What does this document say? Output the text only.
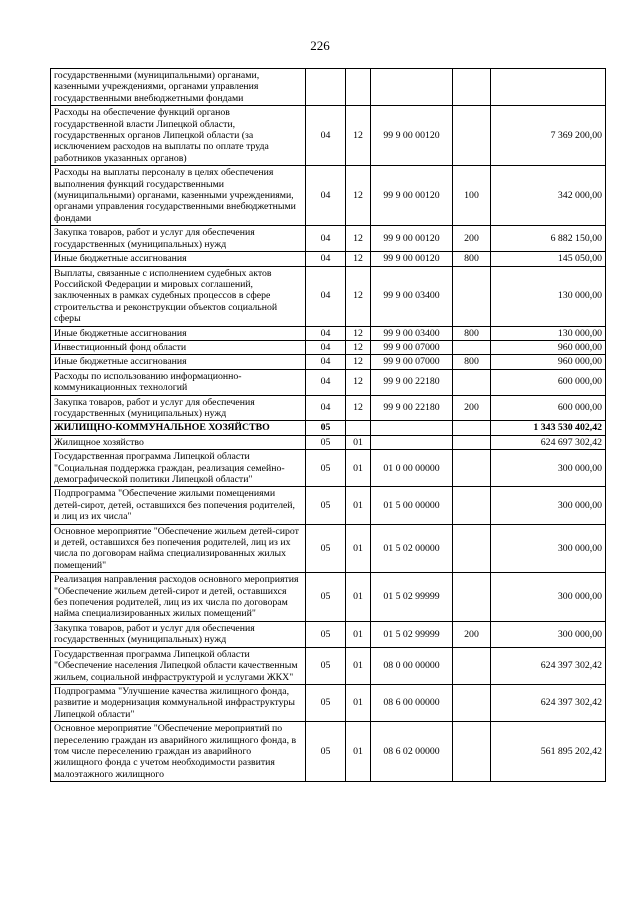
226
государственными (муниципальными) органами, казенными учреждениями, органами управления государственными внебюджетными фондами					
Расходы на обеспечение функций органов государственной власти Липецкой области, государственных органов Липецкой области (за исключением расходов на выплаты по оплате труда работников указанных органов)	04	12	99 9 00 00120		7 369 200,00
Расходы на выплаты персоналу в целях обеспечения выполнения функций государственными (муниципальными) органами, казенными учреждениями, органами управления государственными внебюджетными фондами	04	12	99 9 00 00120	100	342 000,00
Закупка товаров, работ и услуг для обеспечения государственных (муниципальных) нужд	04	12	99 9 00 00120	200	6 882 150,00
Иные бюджетные ассигнования	04	12	99 9 00 00120	800	145 050,00
Выплаты, связанные с исполнением судебных актов Российской Федерации и мировых соглашений, заключенных в рамках судебных процессов в сфере строительства и реконструкции объектов социальной сферы	04	12	99 9 00 03400		130 000,00
Иные бюджетные ассигнования	04	12	99 9 00 03400	800	130 000,00
Инвестиционный фонд области	04	12	99 9 00 07000		960 000,00
Иные бюджетные ассигнования	04	12	99 9 00 07000	800	960 000,00
Расходы по использованию информационно-коммуникационных технологий	04	12	99 9 00 22180		600 000,00
Закупка товаров, работ и услуг для обеспечения государственных (муниципальных) нужд	04	12	99 9 00 22180	200	600 000,00
ЖИЛИЩНО-КОММУНАЛЬНОЕ ХОЗЯЙСТВО	05				1 343 530 402,42
Жилищное хозяйство	05	01			624 697 302,42
Государственная программа Липецкой области "Социальная поддержка граждан, реализация семейно-демографической политики Липецкой области"	05	01	01 0 00 00000		300 000,00
Подпрограмма "Обеспечение жилыми помещениями детей-сирот, детей, оставшихся без попечения родителей, и лиц из их числа"	05	01	01 5 00 00000		300 000,00
Основное мероприятие "Обеспечение жильем детей-сирот и детей, оставшихся без попечения родителей, лиц из их числа по договорам найма специализированных жилых помещений"	05	01	01 5 02 00000		300 000,00
Реализация направления расходов основного мероприятия "Обеспечение жильем детей-сирот и детей, оставшихся без попечения родителей, лиц из их числа по договорам найма специализированных жилых помещений"	05	01	01 5 02 99999		300 000,00
Закупка товаров, работ и услуг для обеспечения государственных (муниципальных) нужд	05	01	01 5 02 99999	200	300 000,00
Государственная программа Липецкой области "Обеспечение населения Липецкой области качественным жильем, социальной инфраструктурой и услугами ЖКХ"	05	01	08 0 00 00000		624 397 302,42
Подпрограмма "Улучшение качества жилищного фонда, развитие и модернизация коммунальной инфраструктуры Липецкой области"	05	01	08 6 00 00000		624 397 302,42
Основное мероприятие "Обеспечение мероприятий по переселению граждан из аварийного жилищного фонда, в том числе переселению граждан из аварийного жилищного фонда с учетом необходимости развития малоэтажного жилищного	05	01	08 6 02 00000		561 895 202,42
